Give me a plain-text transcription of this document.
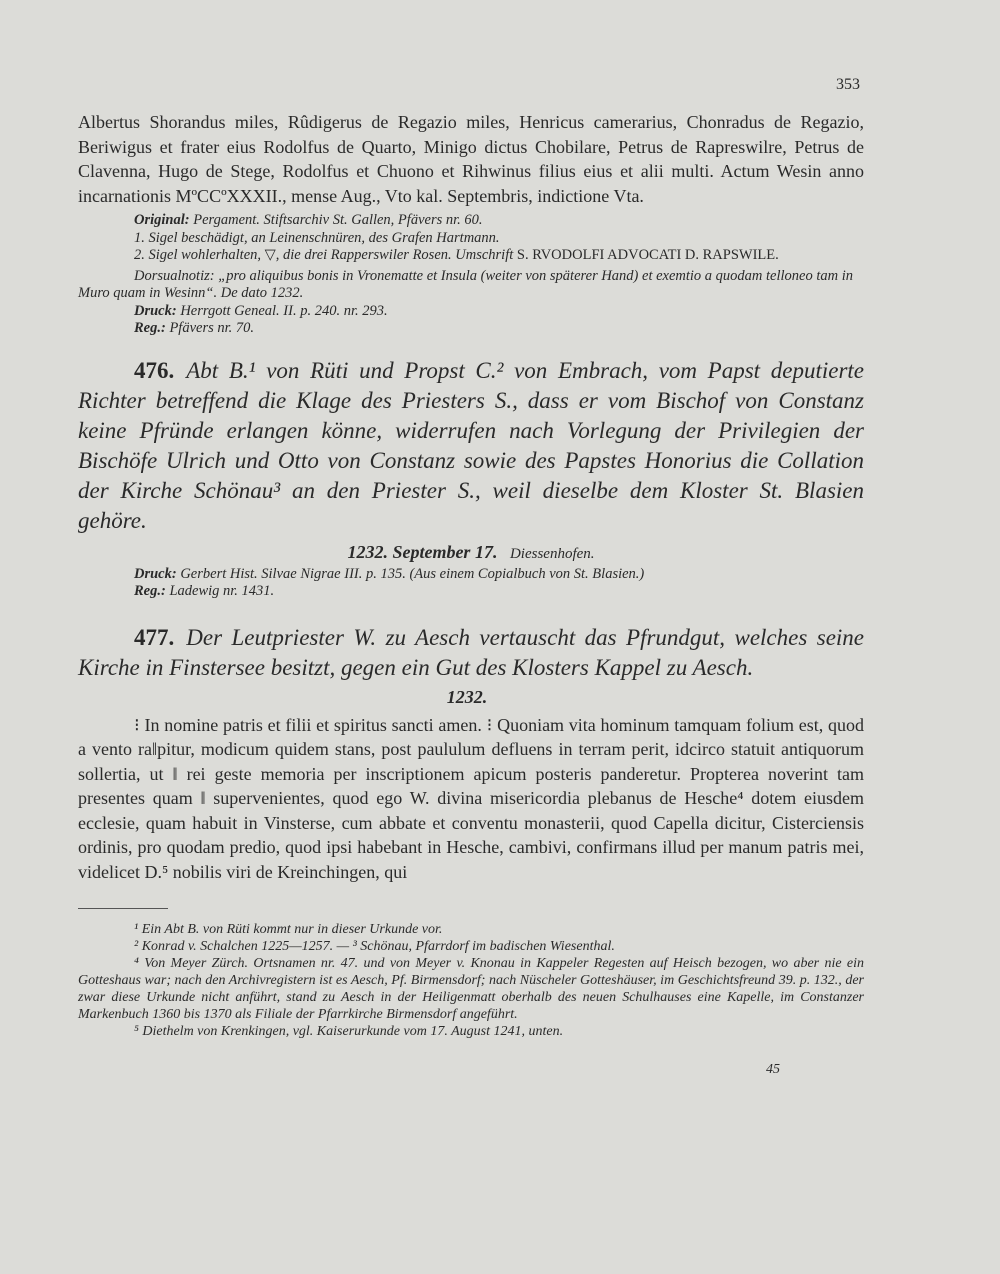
353

Albertus Shorandus miles, Rûdigerus de Regazio miles, Henricus camerarius, Chonradus de Regazio, Beriwigus et frater eius Rodolfus de Quarto, Minigo dictus Chobilare, Petrus de Rapreswilre, Petrus de Clavenna, Hugo de Stege, Rodolfus et Chuono et Rihwinus filius eius et alii multi. Actum Wesin anno incarnationis MºCCºXXXII., mense Aug., Vto kal. Septembris, indictione Vta.

Original: Pergament. Stiftsarchiv St. Gallen, Pfävers nr. 60.

1. Sigel beschädigt, an Leinenschnüren, des Grafen Hartmann.

2. Sigel wohlerhalten, ▽, die drei Rapperswiler Rosen. Umschrift S. RVODOLFI ADVOCATI D. RAPSWILE.

Dorsualnotiz: „pro aliquibus bonis in Vronematte et Insula (weiter von späterer Hand) et exemtio a quodam telloneo tam in Muro quam in Wesinn“. De dato 1232.

Druck: Herrgott Geneal. II. p. 240. nr. 293.

Reg.: Pfävers nr. 70.

476. Abt B.¹ von Rüti und Propst C.² von Embrach, vom Papst deputierte Richter betreffend die Klage des Priesters S., dass er vom Bischof von Constanz keine Pfründe erlangen könne, widerrufen nach Vorlegung der Privilegien der Bischöfe Ulrich und Otto von Constanz sowie des Papstes Honorius die Collation der Kirche Schönau³ an den Priester S., weil dieselbe dem Kloster St. Blasien gehöre.

1232. September 17. Diessenhofen.

Druck: Gerbert Hist. Silvae Nigrae III. p. 135. (Aus einem Copialbuch von St. Blasien.)

Reg.: Ladewig nr. 1431.

477. Der Leutpriester W. zu Aesch vertauscht das Pfrundgut, welches seine Kirche in Finstersee besitzt, gegen ein Gut des Klosters Kappel zu Aesch.

1232.

⁝ In nomine patris et filii et spiritus sancti amen. ⁝ Quoniam vita hominum tamquam folium est, quod a vento ra‖pitur, modicum quidem stans, post paululum defluens in terram perit, idcirco statuit antiquorum sollertia, ut ‖ rei geste memoria per inscriptionem apicum posteris panderetur. Propterea noverint tam presentes quam ‖ supervenientes, quod ego W. divina misericordia plebanus de Hesche⁴ dotem eiusdem ecclesie, quam habuit in Vinsterse, cum abbate et conventu monasterii, quod Capella dicitur, Cisterciensis ordinis, pro quodam predio, quod ipsi habebant in Hesche, cambivi, confirmans illud per manum patris mei, videlicet D.⁵ nobilis viri de Kreinchingen, qui

¹ Ein Abt B. von Rüti kommt nur in dieser Urkunde vor.

² Konrad v. Schalchen 1225—1257. — ³ Schönau, Pfarrdorf im badischen Wiesenthal.

⁴ Von Meyer Zürch. Ortsnamen nr. 47. und von Meyer v. Knonau in Kappeler Regesten auf Heisch bezogen, wo aber nie ein Gotteshaus war; nach den Archivregistern ist es Aesch, Pf. Birmensdorf; nach Nüscheler Gotteshäuser, im Geschichtsfreund 39. p. 132., der zwar diese Urkunde nicht anführt, stand zu Aesch in der Heiligenmatt oberhalb des neuen Schulhauses eine Kapelle, im Constanzer Markenbuch 1360 bis 1370 als Filiale der Pfarrkirche Birmensdorf angeführt.

⁵ Diethelm von Krenkingen, vgl. Kaiserurkunde vom 17. August 1241, unten.

45
